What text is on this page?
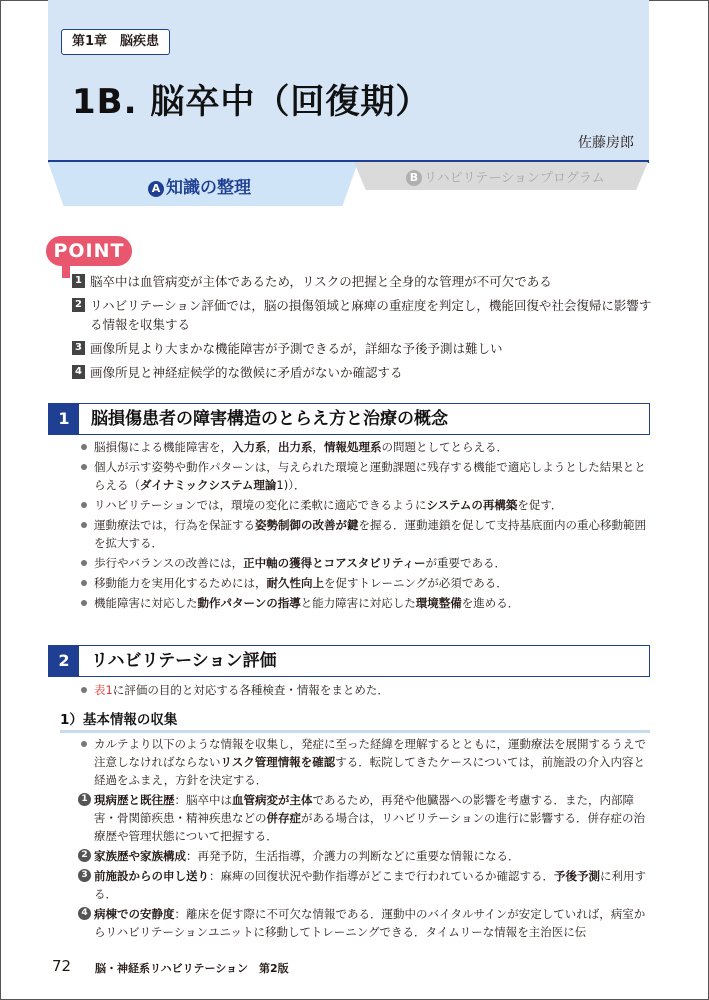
第1章　脳疾患
1B. 脳卒中（回復期）
佐藤房郎
A 知識の整理
B リハビリテーションプログラム
POINT
1 脳卒中は血管病変が主体であるため，リスクの把握と全身的な管理が不可欠である
2 リハビリテーション評価では，脳の損傷領域と麻痺の重症度を判定し，機能回復や社会復帰に影響する情報を収集する
3 画像所見より大まかな機能障害が予測できるが，詳細な予後予測は難しい
4 画像所見と神経症候学的な徴候に矛盾がないか確認する
1	脳損傷患者の障害構造のとらえ方と治療の概念
脳損傷による機能障害を，入力系，出力系，情報処理系の問題としてとらえる．
個人が示す姿勢や動作パターンは，与えられた環境と運動課題に残存する機能で適応しようとした結果ととらえる（ダイナミックシステム理論1)）．
リハビリテーションでは，環境の変化に柔軟に適応できるようにシステムの再構築を促す．
運動療法では，行為を保証する姿勢制御の改善が鍵を握る．運動連鎖を促して支持基底面内の重心移動範囲を拡大する．
歩行やバランスの改善には，正中軸の獲得とコアスタビリティーが重要である．
移動能力を実用化するためには，耐久性向上を促すトレーニングが必須である．
機能障害に対応した動作パターンの指導と能力障害に対応した環境整備を進める．
2	リハビリテーション評価
表1に評価の目的と対応する各種検査・情報をまとめた．
1）基本情報の収集
カルテより以下のような情報を収集し，発症に至った経緯を理解するとともに，運動療法を展開するうえで注意しなければならないリスク管理情報を確認する．転院してきたケースについては，前施設の介入内容と経過をふまえ，方針を決定する．
1 現病歴と既往歴：脳卒中は血管病変が主体であるため，再発や他臓器への影響を考慮する．また，内部障害・骨関節疾患・精神疾患などの併存症がある場合は，リハビリテーションの進行に影響する．併存症の治療歴や管理状態について把握する．
2 家族歴や家族構成：再発予防，生活指導，介護力の判断などに重要な情報になる．
3 前施設からの申し送り：麻痺の回復状況や動作指導がどこまで行われているか確認する．予後予測に利用する．
4 病棟での安静度：離床を促す際に不可欠な情報である．運動中のバイタルサインが安定していれば，病室からリハビリテーションユニットに移動してトレーニングできる．タイムリーな情報を主治医に伝
72 脳・神経系リハビリテーション　第2版
